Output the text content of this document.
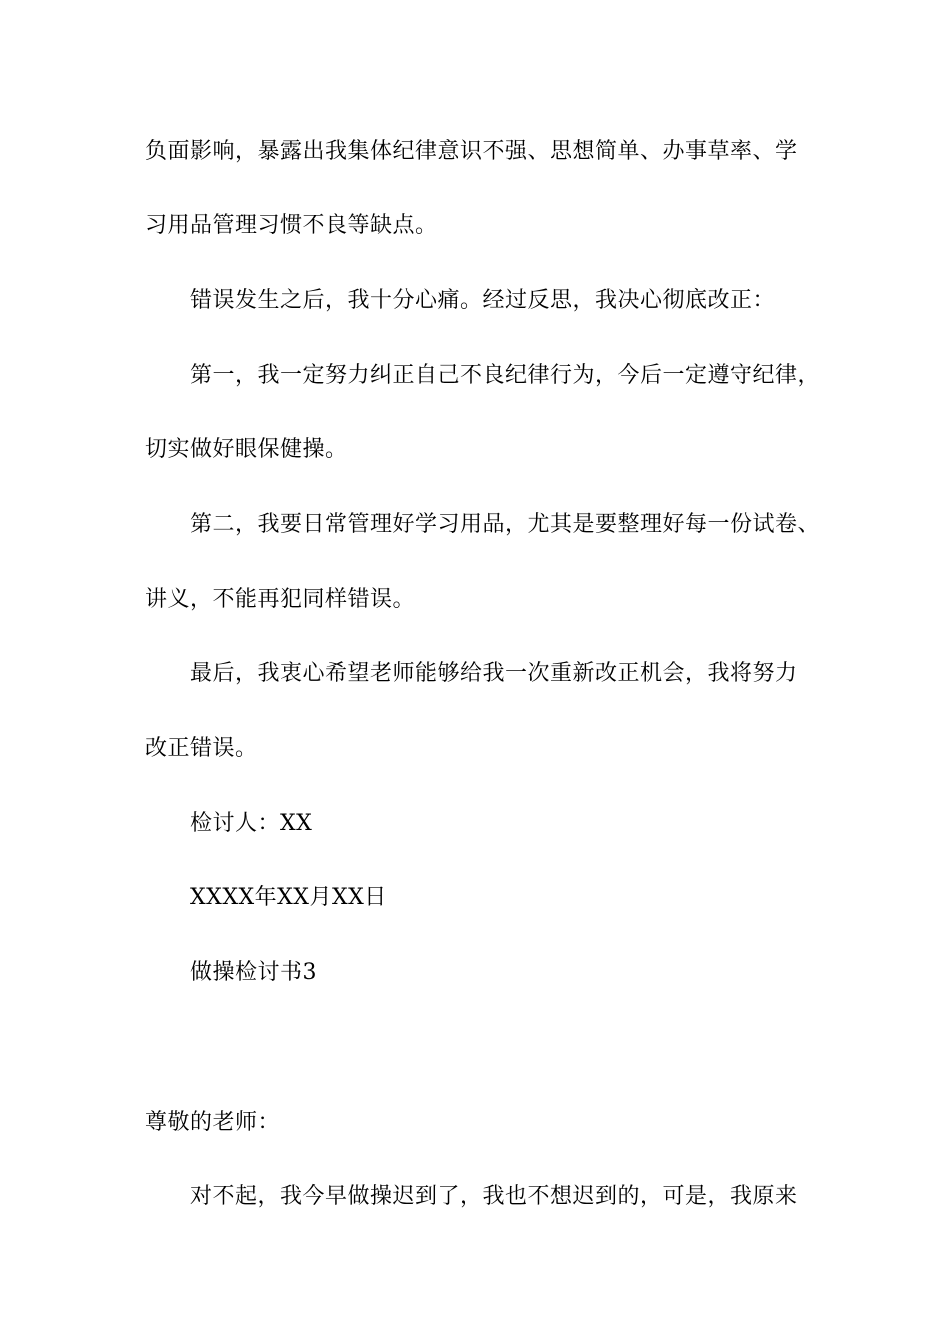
负面影响，暴露出我集体纪律意识不强、思想简单、办事草率、学
习用品管理习惯不良等缺点。
错误发生之后，我十分心痛。经过反思，我决心彻底改正：
第一，我一定努力纠正自己不良纪律行为，今后一定遵守纪律，
切实做好眼保健操。
第二，我要日常管理好学习用品，尤其是要整理好每一份试卷、
讲义，不能再犯同样错误。
最后，我衷心希望老师能够给我一次重新改正机会，我将努力
改正错误。
检讨人：XX
XXXX年XX月XX日
做操检讨书3
尊敬的老师：
对不起，我今早做操迟到了，我也不想迟到的，可是，我原来
